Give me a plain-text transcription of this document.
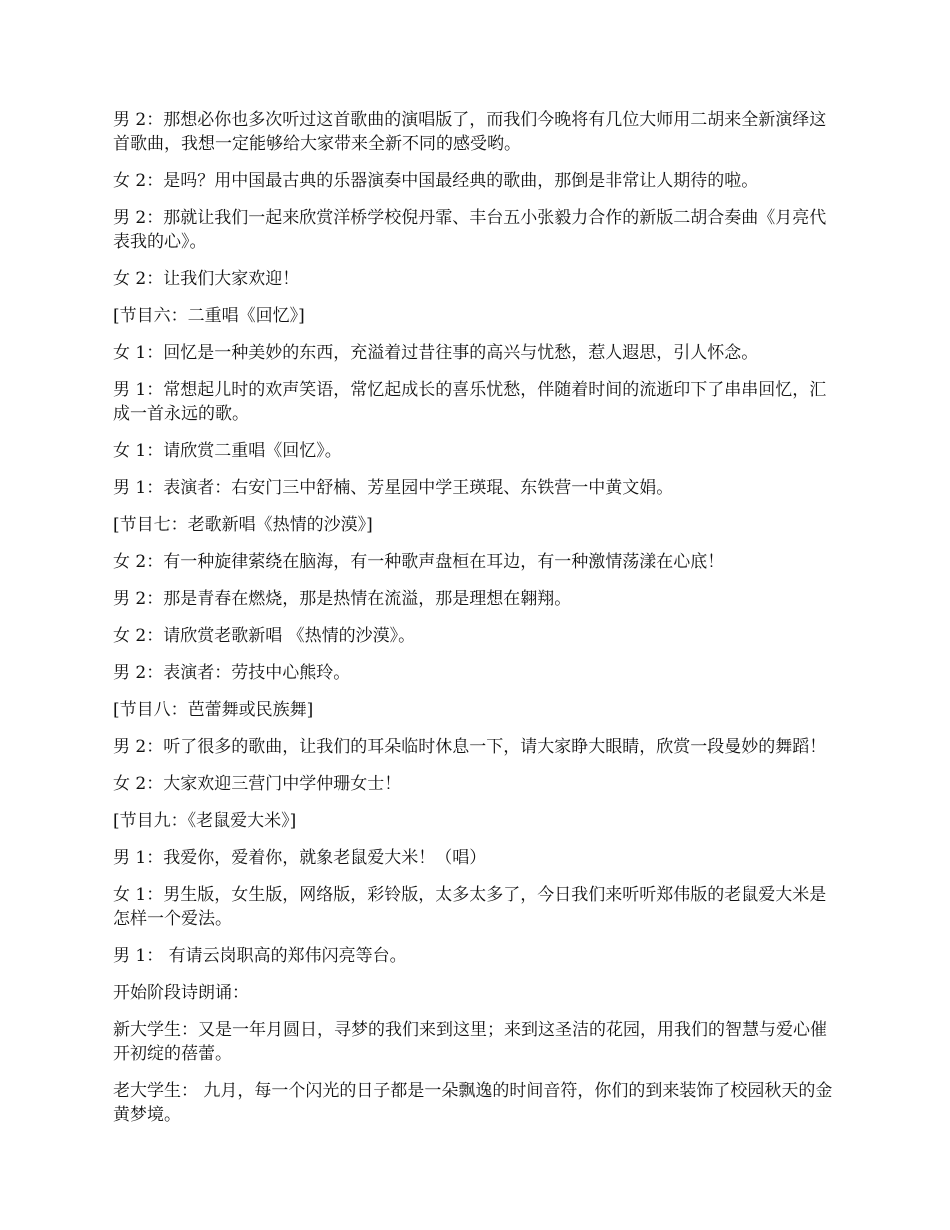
男 2：那想必你也多次听过这首歌曲的演唱版了，而我们今晚将有几位大师用二胡来全新演绎这首歌曲，我想一定能够给大家带来全新不同的感受哟。

女 2：是吗？用中国最古典的乐器演奏中国最经典的歌曲，那倒是非常让人期待的啦。

男 2：那就让我们一起来欣赏洋桥学校倪丹霏、丰台五小张毅力合作的新版二胡合奏曲《月亮代表我的心》。

女 2：让我们大家欢迎！

[节目六：二重唱《回忆》]

女 1：回忆是一种美妙的东西，充溢着过昔往事的高兴与忧愁，惹人遐思，引人怀念。

男 1：常想起儿时的欢声笑语，常忆起成长的喜乐忧愁，伴随着时间的流逝印下了串串回忆，汇成一首永远的歌。

女 1：请欣赏二重唱《回忆》。

男 1：表演者：右安门三中舒楠、芳星园中学王瑛琨、东铁营一中黄文娟。

[节目七：老歌新唱《热情的沙漠》]

女 2：有一种旋律萦绕在脑海，有一种歌声盘桓在耳边，有一种激情荡漾在心底！

男 2：那是青春在燃烧，那是热情在流溢，那是理想在翱翔。

女 2：请欣赏老歌新唱 《热情的沙漠》。

男 2：表演者：劳技中心熊玲。

[节目八：芭蕾舞或民族舞]

男 2：听了很多的歌曲，让我们的耳朵临时休息一下，请大家睁大眼睛，欣赏一段曼妙的舞蹈！

女 2：大家欢迎三营门中学仲珊女士！

[节目九：《老鼠爱大米》]

男 1：我爱你，爱着你，就象老鼠爱大米！（唱）

女 1：男生版，女生版，网络版，彩铃版，太多太多了，今日我们来听听郑伟版的老鼠爱大米是怎样一个爱法。

男 1： 有请云岗职高的郑伟闪亮等台。

开始阶段诗朗诵：

新大学生：又是一年月圆日，寻梦的我们来到这里；来到这圣洁的花园，用我们的智慧与爱心催开初绽的蓓蕾。

老大学生： 九月，每一个闪光的日子都是一朵飘逸的时间音符，你们的到来装饰了校园秋天的金黄梦境。
